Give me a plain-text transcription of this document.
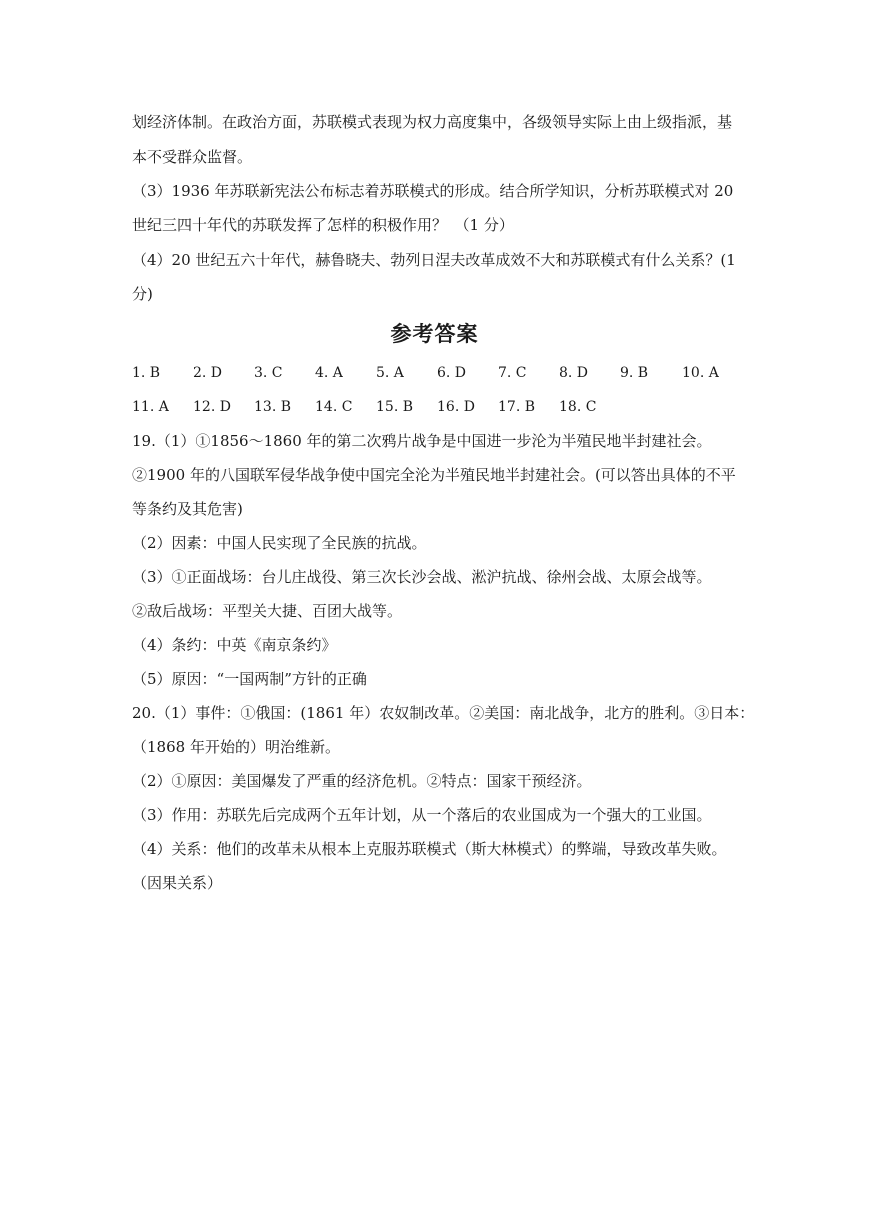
划经济体制。在政治方面，苏联模式表现为权力高度集中，各级领导实际上由上级指派，基
本不受群众监督。
（3）1936 年苏联新宪法公布标志着苏联模式的形成。结合所学知识，分析苏联模式对 20
世纪三四十年代的苏联发挥了怎样的积极作用？　（1 分）
（4）20 世纪五六十年代，赫鲁晓夫、勃列日涅夫改革成效不大和苏联模式有什么关系？(1
分)
参考答案
1. B 2. D 3. C 4. A 5. A 6. D 7. C 8. D 9. B 10. A
11. A 12. D 13. B 14. C 15. B 16. D 17. B 18. C
19.（1）①1856～1860 年的第二次鸦片战争是中国进一步沦为半殖民地半封建社会。
②1900 年的八国联军侵华战争使中国完全沦为半殖民地半封建社会。(可以答出具体的不平
等条约及其危害)
（2）因素：中国人民实现了全民族的抗战。
（3）①正面战场：台儿庄战役、第三次长沙会战、淞沪抗战、徐州会战、太原会战等。
②敌后战场：平型关大捷、百团大战等。
（4）条约：中英《南京条约》
（5）原因：“一国两制”方针的正确
20.（1）事件：①俄国：(1861 年）农奴制改革。②美国：南北战争，北方的胜利。③日本：
（1868 年开始的）明治维新。
（2）①原因：美国爆发了严重的经济危机。②特点：国家干预经济。
（3）作用：苏联先后完成两个五年计划，从一个落后的农业国成为一个强大的工业国。
（4）关系：他们的改革未从根本上克服苏联模式（斯大林模式）的弊端，导致改革失败。
（因果关系）
